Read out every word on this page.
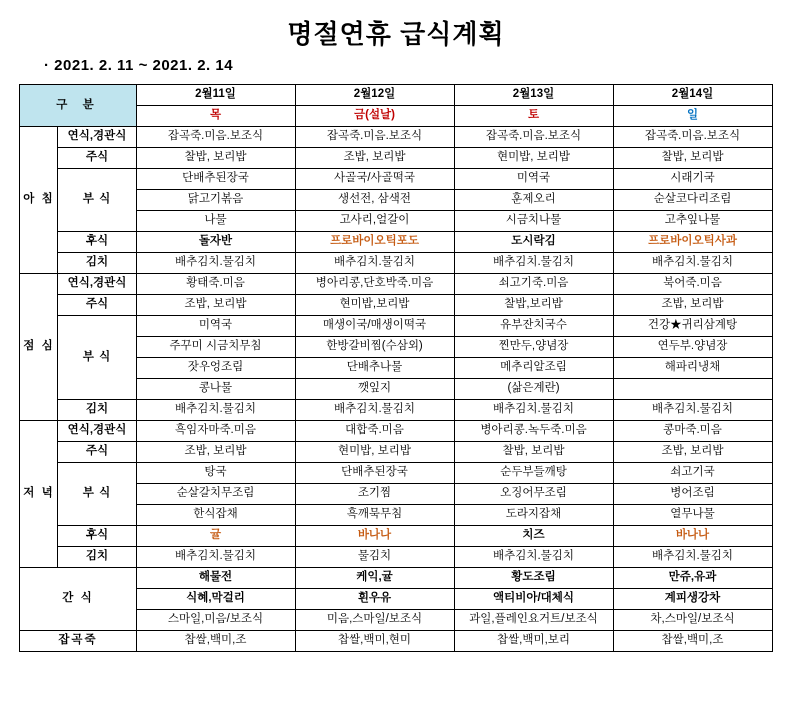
명절연휴 급식계획
· 2021. 2. 11 ~ 2021. 2. 14
구 분		2월11일	2월12일	2월13일	2월14일
		목	금(설날)	토	일
아 침	연식,경관식	잡곡죽.미음.보조식	잡곡죽.미음.보조식	잡곡죽.미음.보조식	잡곡죽.미음.보조식
	주식	찰밥, 보리밥	조밥, 보리밥	현미밥, 보리밥	찰밥, 보리밥
	부 식	단배추된장국	사골국/사골떡국	미역국	시래기국
		닭고기볶음	생선전, 삼색전	훈제오리	순살코다리조림
		나물	고사리,얼갈이	시금치나물	고추잎나물
	후식	돌자반	프로바이오틱포도	도시락김	프로바이오틱사과
	김치	배추김치.물김치	배추김치.물김치	배추김치.물김치	배추김치.물김치
점 심	연식,경관식	황태죽.미음	병아리콩,단호박죽.미음	쇠고기죽.미음	북어죽.미음
	주식	조밥, 보리밥	현미밥,보리밥	찰밥,보리밥	조밥, 보리밥
	부 식	미역국	매생이국/매생이떡국	유부잔치국수	건강★귀리삼계탕
		주꾸미 시금치무침	한방갈비찜(수삼외)	찐만두,양념장	연두부.양념장
		잣우엉조림	단배추나물	메추리알조림	해파리냉채
		콩나물	깻잎지	(삶은계란)	
	김치	배추김치.물김치	배추김치.물김치	배추김치.물김치	배추김치.물김치
저 녁	연식,경관식	흑임자마죽.미음	대합죽.미음	병아리콩.녹두죽.미음	콩마죽.미음
	주식	조밥, 보리밥	현미밥, 보리밥	찰밥, 보리밥	조밥, 보리밥
	부 식	탕국	단배추된장국	순두부들깨탕	쇠고기국
		순살갈치무조림	조기찜	오징어무조림	병어조림
		한식잡채	흑깨묵무침	도라지잡채	열무나물
	후식	귤	바나나	치즈	바나나
	김치	배추김치.물김치	물김치	배추김치.물김치	배추김치.물김치
간 식		해물전	케익,귤	황도조림	만쥬,유과
		식혜,막걸리	흰우유	액티비아/대체식	계피생강차
		스마일,미음/보조식	미음,스마일/보조식	과일,플레인요거트/보조식	차,스마일/보조식
잡곡죽		찹쌀,백미,조	찹쌀,백미,현미	찹쌀,백미,보리	찹쌀,백미,조
